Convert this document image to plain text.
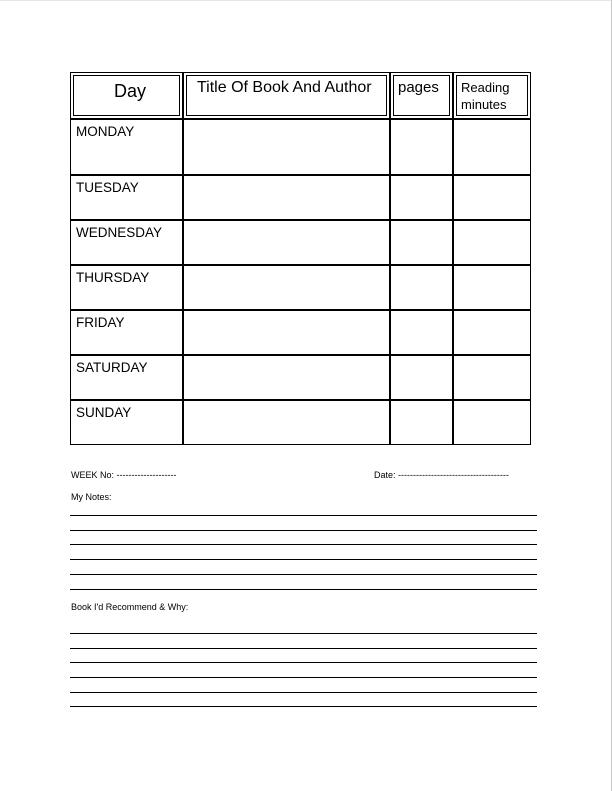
Day	Title Of Book And Author	pages	Reading
minutes

MONDAY			

TUESDAY			

WEDNESDAY			

THURSDAY			

FRIDAY			

SATURDAY			

SUNDAY			

WEEK No: --------------------	Date: -------------------------------------
My Notes:
Book I'd Recommend & Why:
